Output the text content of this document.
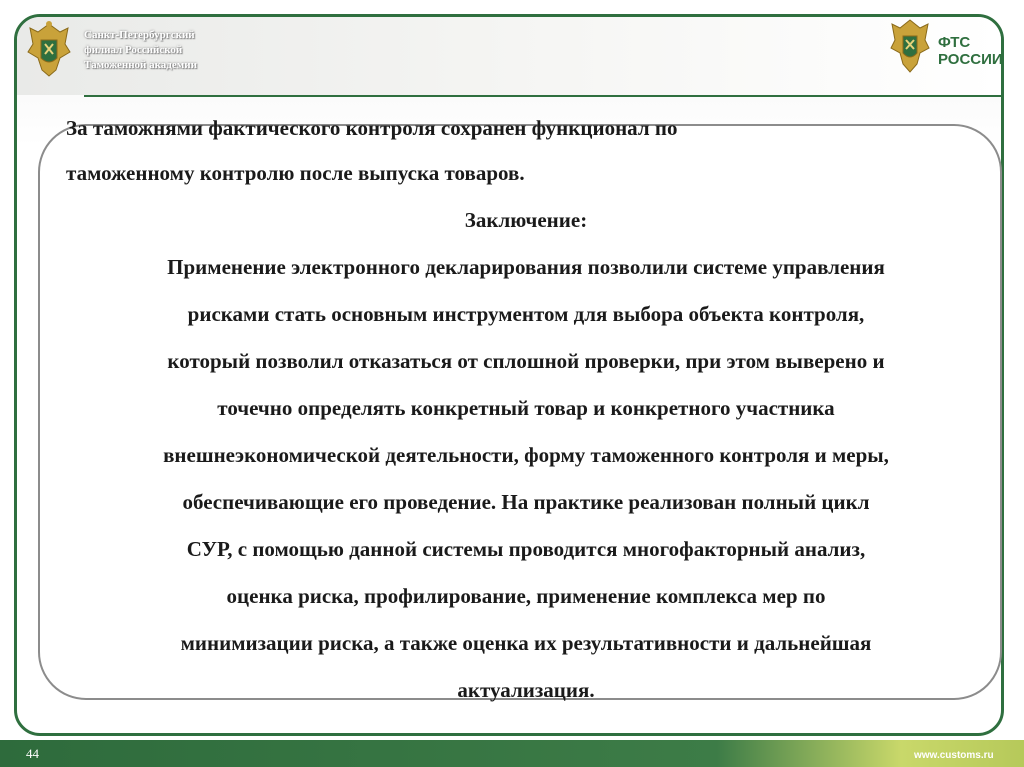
Санкт-Петербургский
филиал Российской
Таможенной академии
ФТС
РОССИИ
За таможнями фактического контроля сохранен функционал по
таможенному контролю после выпуска товаров.
Заключение:
Применение электронного декларирования позволили системе управления
рисками стать основным инструментом для выбора объекта контроля,
который позволил отказаться от сплошной проверки, при этом выверено и
точечно определять конкретный товар и конкретного участника
внешнеэкономической деятельности, форму таможенного контроля и меры,
обеспечивающие его проведение. На практике реализован полный цикл
СУР, с помощью данной системы проводится многофакторный анализ,
оценка риска, профилирование, применение комплекса мер по
минимизации риска, а также оценка их результативности и дальнейшая
актуализация.
44	www.customs.ru
